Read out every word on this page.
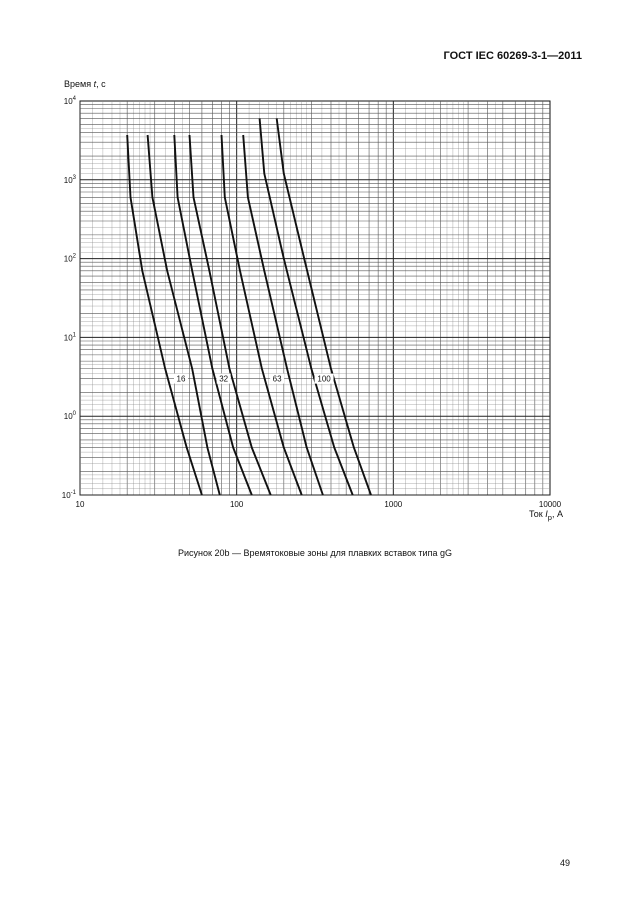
ГОСТ IEC 60269-3-1—2011
Время t, с
10	100	1000	10000
$10^{-1}$
$10^0$
$10^1$
$10^2$
$10^3$
$10^4$
16	32	63	100
Ток $I_p$, А
Рисунок 20b — Времятоковые зоны для плавких вставок типа gG
49
